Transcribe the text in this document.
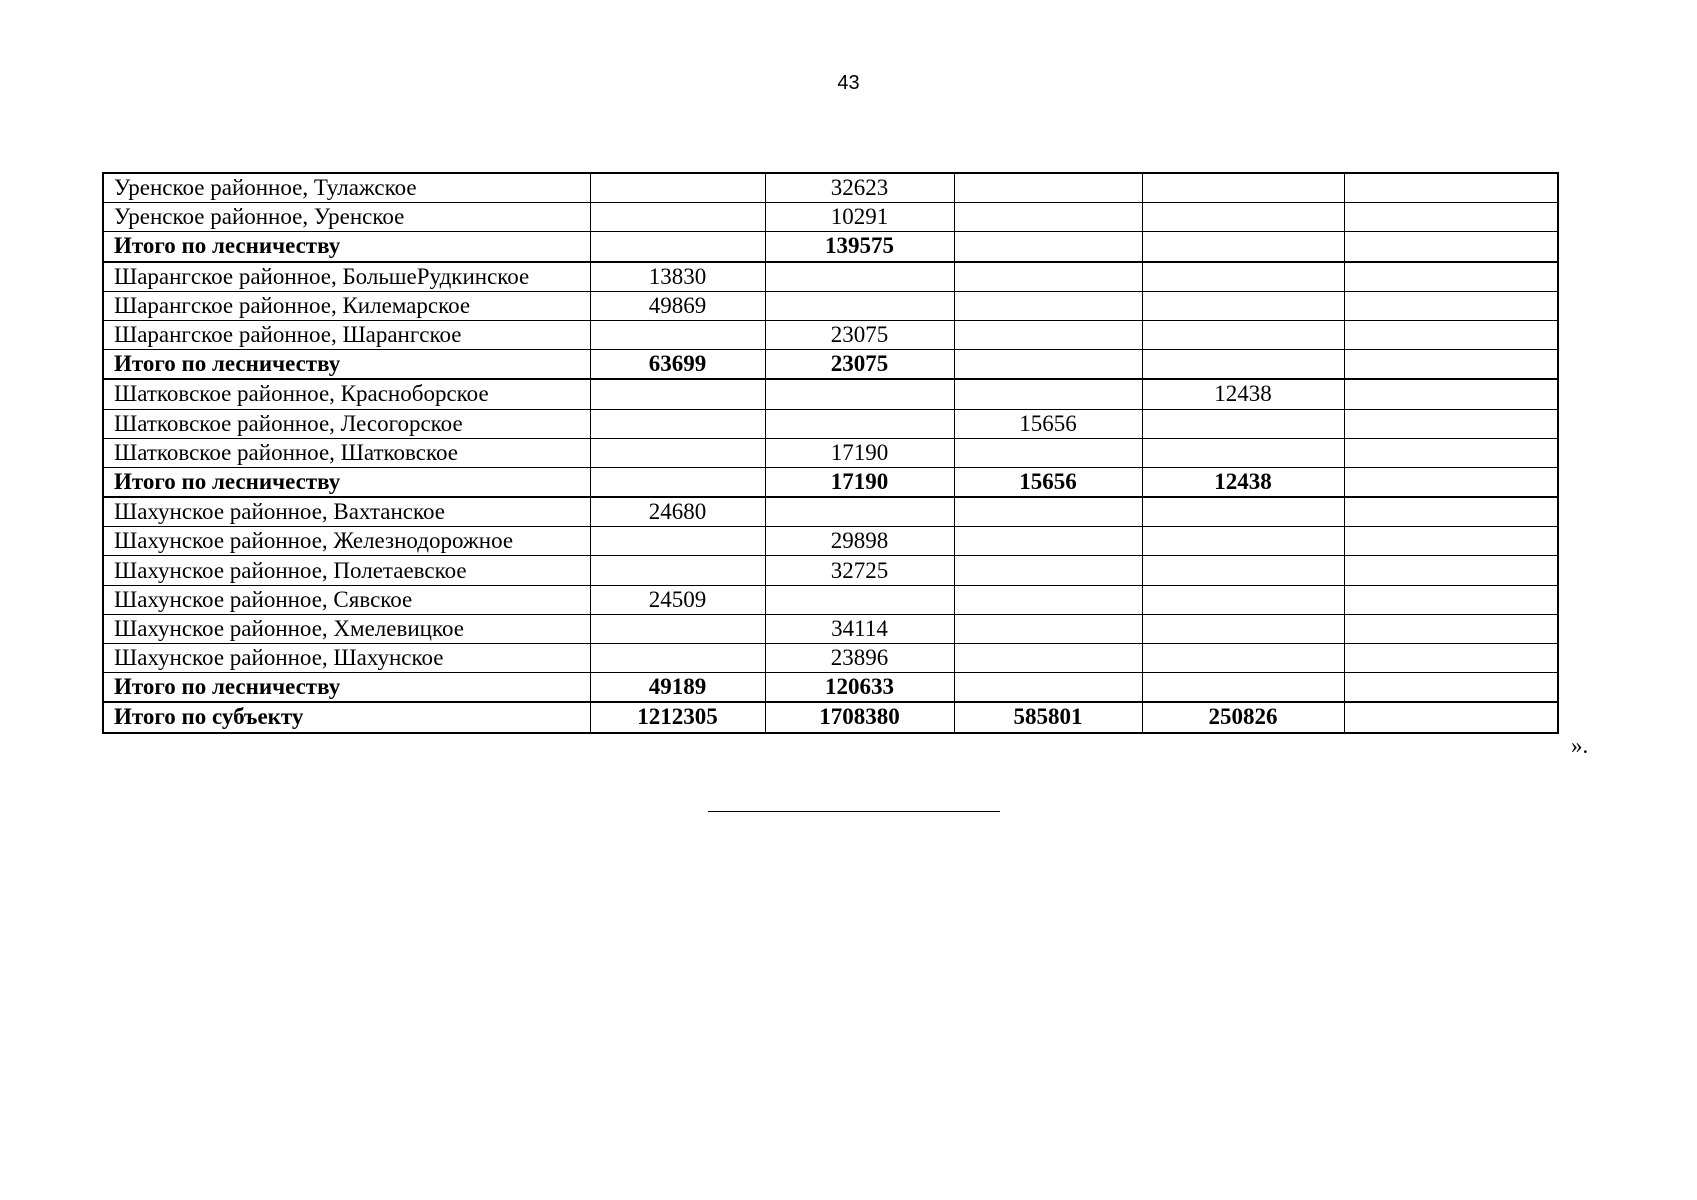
43
Уренское районное, Тулажское		32623			
Уренское районное, Уренское		10291			
Итого по лесничеству		139575			
Шарангское районное, БольшеРудкинское	13830				
Шарангское районное, Килемарское	49869				
Шарангское районное, Шарангское		23075			
Итого по лесничеству	63699	23075			
Шатковское районное, Красноборское				12438	
Шатковское районное, Лесогорское			15656		
Шатковское районное, Шатковское		17190			
Итого по лесничеству		17190	15656	12438	
Шахунское районное, Вахтанское	24680				
Шахунское районное, Железнодорожное		29898			
Шахунское районное, Полетаевское		32725			
Шахунское районное, Сявское	24509				
Шахунское районное, Хмелевицкое		34114			
Шахунское районное, Шахунское		23896			
Итого по лесничеству	49189	120633			
Итого по субъекту	1212305	1708380	585801	250826	
».
